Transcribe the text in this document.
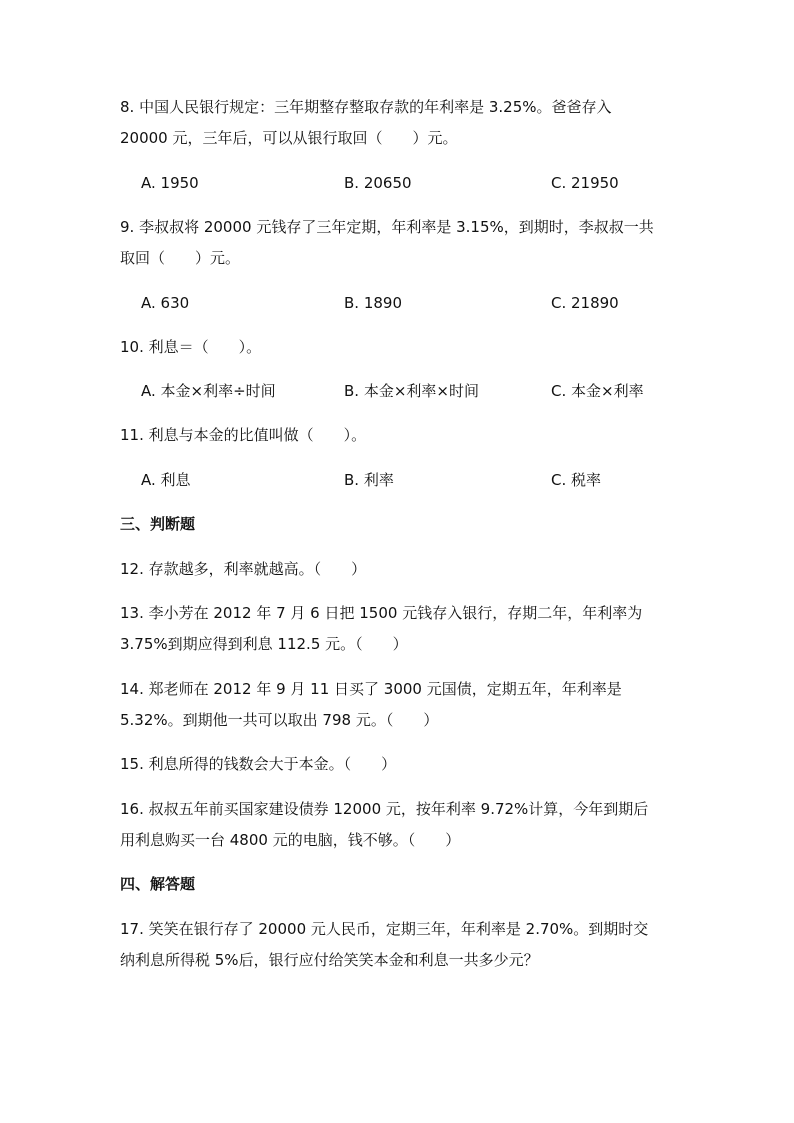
8. 中国人民银行规定：三年期整存整取存款的年利率是 3.25%。爸爸存入
20000 元，三年后，可以从银行取回（　　）元。
A. 1950	B. 20650	C. 21950
9. 李叔叔将 20000 元钱存了三年定期，年利率是 3.15%，到期时，李叔叔一共
取回（　　）元。
A. 630	B. 1890	C. 21890
10. 利息＝（　　）。
A. 本金×利率÷时间	B. 本金×利率×时间	C. 本金×利率
11. 利息与本金的比值叫做（　　）。
A. 利息	B. 利率	C. 税率
三、判断题
12. 存款越多，利率就越高。（　　）
13. 李小芳在 2012 年 7 月 6 日把 1500 元钱存入银行，存期二年，年利率为
3.75%到期应得到利息 112.5 元。（　　）
14. 郑老师在 2012 年 9 月 11 日买了 3000 元国债，定期五年，年利率是
5.32%。到期他一共可以取出 798 元。（　　）
15. 利息所得的钱数会大于本金。（　　）
16. 叔叔五年前买国家建设债券 12000 元，按年利率 9.72%计算，今年到期后
用利息购买一台 4800 元的电脑，钱不够。（　　）
四、解答题
17. 笑笑在银行存了 20000 元人民币，定期三年，年利率是 2.70%。到期时交
纳利息所得税 5%后，银行应付给笑笑本金和利息一共多少元？
